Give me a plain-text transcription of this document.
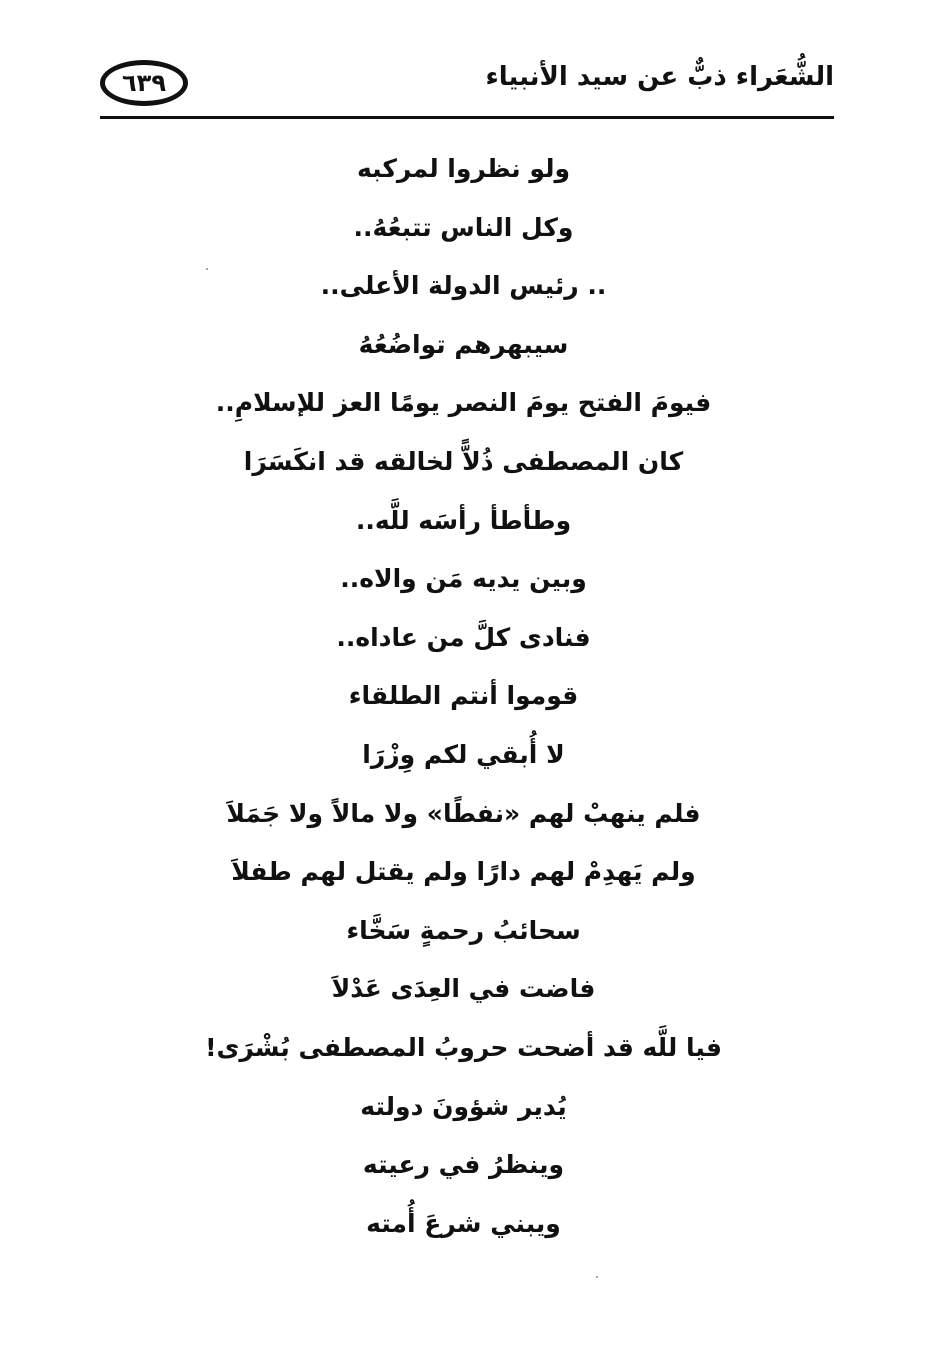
٦٣٩	الشُّعَراء ذبٌّ عن سيد الأنبياء
ولو نظروا لمركبه
وكل الناس تتبعُهُ..
.. رئيس الدولة الأعلى..
سيبهرهم تواضُعُهُ
فيومَ الفتح يومَ النصر يومًا العز للإسلامِ..
كان المصطفى ذُلاًّ لخالقه قد انكَسَرَا
وطأطأ رأسَه للَّه..
وبين يديه مَن والاه..
فنادى كلَّ من عاداه..
قوموا أنتم الطلقاء
لا أُبقي لكم وِزْرَا
فلم ينهبْ لهم «نفطًا» ولا مالاً ولا جَمَلاَ
ولم يَهدِمْ لهم دارًا ولم يقتل لهم طفلاَ
سحائبُ رحمةٍ سَخَّاء
فاضت في العِدَى عَدْلاَ
فيا للَّه قد أضحت حروبُ المصطفى بُشْرَى!
يُدير شؤونَ دولته
وينظرُ في رعيته
ويبني شرعَ أُمته
